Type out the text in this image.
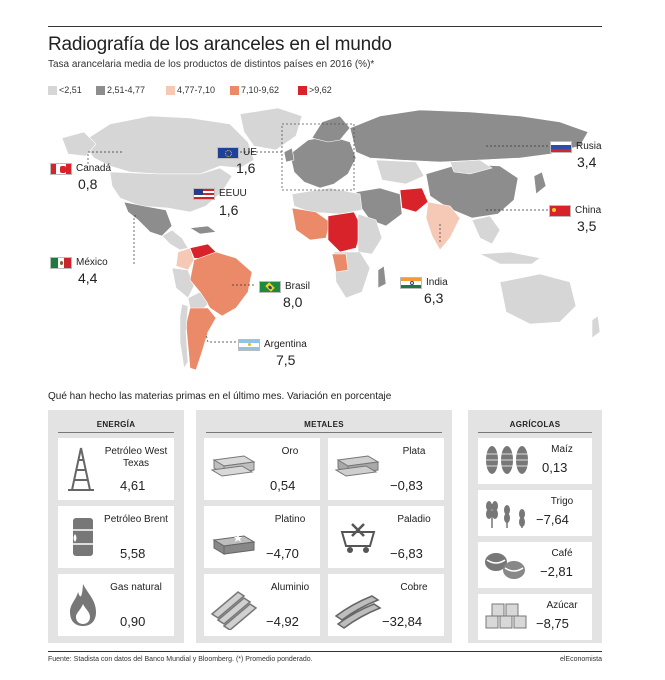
Radiografía de los aranceles en el mundo
Tasa arancelaria media de los productos de distintos países en 2016 (%)*
<2,51	2,51-4,77	4,77-7,10	7,10-9,62	>9,62
Canadá
0,8
UE
1,6
EEUU
1,6
México
4,4
Brasil
8,0
Argentina
7,5
Rusia
3,4
China
3,5
India
6,3
Qué han hecho las materias primas en el último mes. Variación en porcentaje
ENERGÍA
Petróleo West Texas
4,61
Petróleo Brent
5,58
Gas natural
0,90
METALES
Oro
0,54
Plata
−0,83
Platino
−4,70
Paladio
−6,83
Aluminio
−4,92
Cobre
−32,84
AGRÍCOLAS
Maíz
0,13
Trigo
−7,64
Café
−2,81
Azúcar
−8,75
Fuente: Stadista con datos del Banco Mundial y Bloomberg. (*) Promedio ponderado.	elEconomista
